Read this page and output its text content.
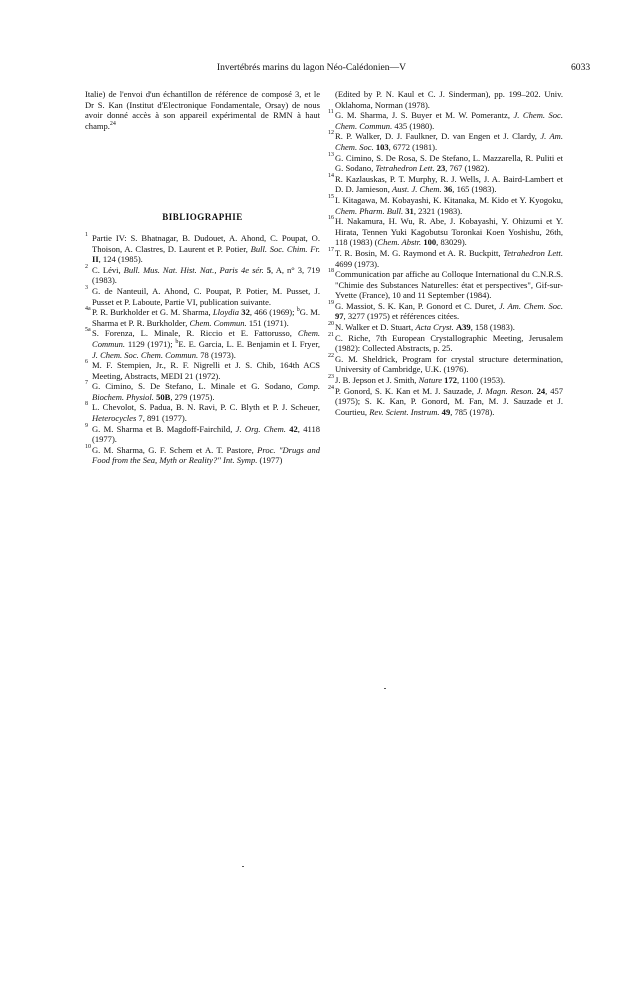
Invertébrés marins du lagon Néo-Calédonien—V	6033

Italie) de l'envoi d'un échantillon de référence de composé 3, et le Dr S. Kan (Institut d'Electronique Fondamentale, Orsay) de nous avoir donné accès à son appareil expérimental de RMN à haut champ.$^{24}$

BIBLIOGRAPHIE

1 Partie IV: S. Bhatnagar, B. Dudouet, A. Ahond, C. Poupat, O. Thoison, A. Clastres, D. Laurent et P. Potier, Bull. Soc. Chim. Fr. II, 124 (1985).

2 C. Lévi, Bull. Mus. Nat. Hist. Nat., Paris 4e sér. 5, A, n° 3, 719 (1983).

3 G. de Nanteuil, A. Ahond, C. Poupat, P. Potier, M. Pusset, J. Pusset et P. Laboute, Partie VI, publication suivante.

4a P. R. Burkholder et G. M. Sharma, Lloydia 32, 466 (1969); $^b$G. M. Sharma et P. R. Burkholder, Chem. Commun. 151 (1971).

5a S. Forenza, L. Minale, R. Riccio et E. Fattorusso, Chem. Commun. 1129 (1971); $^b$E. E. Garcia, L. E. Benjamin et I. Fryer, J. Chem. Soc. Chem. Commun. 78 (1973).

6 M. F. Stempien, Jr., R. F. Nigrelli et J. S. Chib, 164th ACS Meeting, Abstracts, MEDI 21 (1972).

7 G. Cimino, S. De Stefano, L. Minale et G. Sodano, Comp. Biochem. Physiol. 50B, 279 (1975).

8 L. Chevolot, S. Padua, B. N. Ravi, P. C. Blyth et P. J. Scheuer, Heterocycles 7, 891 (1977).

9 G. M. Sharma et B. Magdoff-Fairchild, J. Org. Chem. 42, 4118 (1977).

10 G. M. Sharma, G. F. Schem et A. T. Pastore, Proc. "Drugs and Food from the Sea, Myth or Reality?" Int. Symp. (1977)

(Edited by P. N. Kaul et C. J. Sinderman), pp. 199–202. Univ. Oklahoma, Norman (1978).

11 G. M. Sharma, J. S. Buyer et M. W. Pomerantz, J. Chem. Soc. Chem. Commun. 435 (1980).

12 R. P. Walker, D. J. Faulkner, D. van Engen et J. Clardy, J. Am. Chem. Soc. 103, 6772 (1981).

13 G. Cimino, S. De Rosa, S. De Stefano, L. Mazzarella, R. Puliti et G. Sodano, Tetrahedron Lett. 23, 767 (1982).

14 R. Kazlauskas, P. T. Murphy, R. J. Wells, J. A. Baird-Lambert et D. D. Jamieson, Aust. J. Chem. 36, 165 (1983).

15 I. Kitagawa, M. Kobayashi, K. Kitanaka, M. Kido et Y. Kyogoku, Chem. Pharm. Bull. 31, 2321 (1983).

16 H. Nakamura, H. Wu, R. Abe, J. Kobayashi, Y. Ohizumi et Y. Hirata, Tennen Yuki Kagobutsu Toronkai Koen Yoshishu, 26th, 118 (1983) (Chem. Abstr. 100, 83029).

17 T. R. Bosin, M. G. Raymond et A. R. Buckpitt, Tetrahedron Lett. 4699 (1973).

18 Communication par affiche au Colloque International du C.N.R.S. "Chimie des Substances Naturelles: état et perspectives", Gif-sur-Yvette (France), 10 and 11 September (1984).

19 G. Massiot, S. K. Kan, P. Gonord et C. Duret, J. Am. Chem. Soc. 97, 3277 (1975) et références citées.

20 N. Walker et D. Stuart, Acta Cryst. A39, 158 (1983).

21 C. Riche, 7th European Crystallographic Meeting, Jerusalem (1982): Collected Abstracts, p. 25.

22 G. M. Sheldrick, Program for crystal structure determination, University of Cambridge, U.K. (1976).

23 J. B. Jepson et J. Smith, Nature 172, 1100 (1953).

24 P. Gonord, S. K. Kan et M. J. Sauzade, J. Magn. Reson. 24, 457 (1975); S. K. Kan, P. Gonord, M. Fan, M. J. Sauzade et J. Courtieu, Rev. Scient. Instrum. 49, 785 (1978).
